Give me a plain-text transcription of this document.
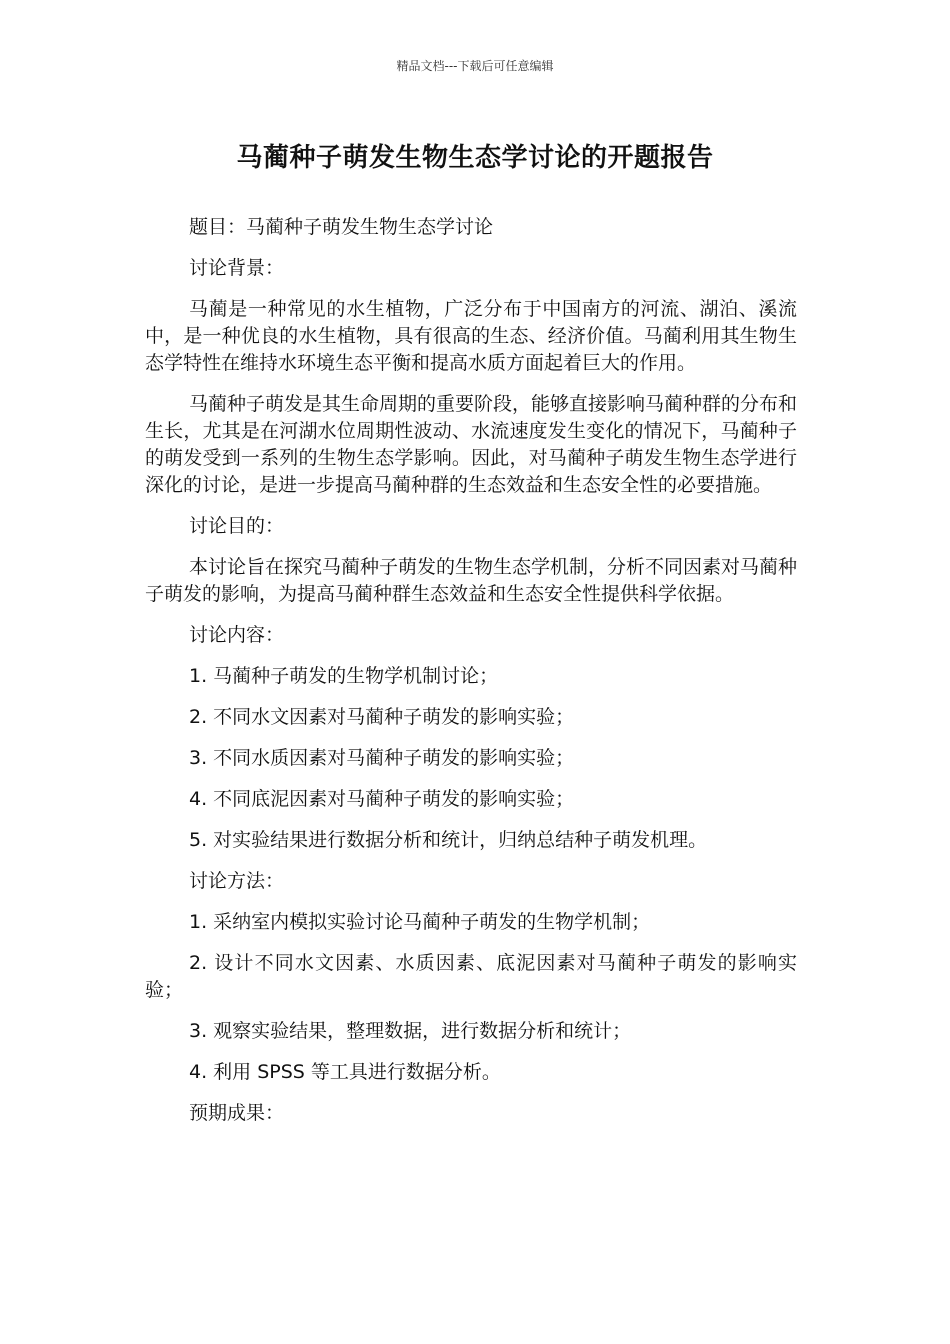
精品文档---下载后可任意编辑
马蔺种子萌发生物生态学讨论的开题报告

题目：马蔺种子萌发生物生态学讨论

讨论背景：

马蔺是一种常见的水生植物，广泛分布于中国南方的河流、湖泊、溪流中，是一种优良的水生植物，具有很高的生态、经济价值。马蔺利用其生物生态学特性在维持水环境生态平衡和提高水质方面起着巨大的作用。

马蔺种子萌发是其生命周期的重要阶段，能够直接影响马蔺种群的分布和生长，尤其是在河湖水位周期性波动、水流速度发生变化的情况下，马蔺种子的萌发受到一系列的生物生态学影响。因此，对马蔺种子萌发生物生态学进行深化的讨论，是进一步提高马蔺种群的生态效益和生态安全性的必要措施。

讨论目的：

本讨论旨在探究马蔺种子萌发的生物生态学机制，分析不同因素对马蔺种子萌发的影响，为提高马蔺种群生态效益和生态安全性提供科学依据。

讨论内容：

1. 马蔺种子萌发的生物学机制讨论；

2. 不同水文因素对马蔺种子萌发的影响实验；

3. 不同水质因素对马蔺种子萌发的影响实验；

4. 不同底泥因素对马蔺种子萌发的影响实验；

5. 对实验结果进行数据分析和统计，归纳总结种子萌发机理。

讨论方法：

1. 采纳室内模拟实验讨论马蔺种子萌发的生物学机制；

2. 设计不同水文因素、水质因素、底泥因素对马蔺种子萌发的影响实验；

3. 观察实验结果，整理数据，进行数据分析和统计；

4. 利用 SPSS 等工具进行数据分析。

预期成果：
